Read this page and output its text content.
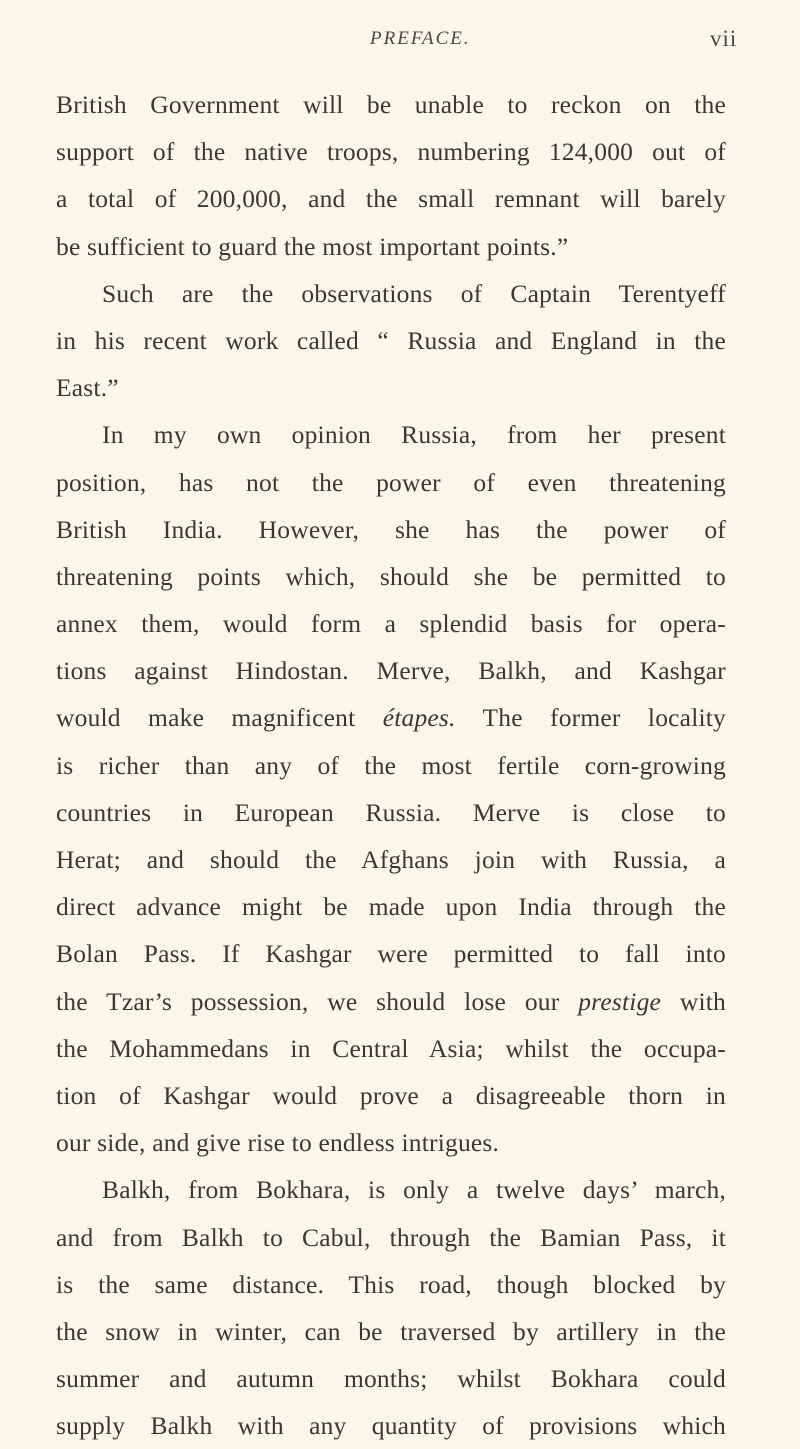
PREFACE.	vii
British Government will be unable to reckon on the
support of the native troops, numbering 124,000 out of
a total of 200,000, and the small remnant will barely
be sufficient to guard the most important points.”
Such are the observations of Captain Terentyeff
in his recent work called “ Russia and England in the
East.”
In my own opinion Russia, from her present
position, has not the power of even threatening
British India. However, she has the power of
threatening points which, should she be permitted to
annex them, would form a splendid basis for opera-
tions against Hindostan. Merve, Balkh, and Kashgar
would make magnificent étapes. The former locality
is richer than any of the most fertile corn-growing
countries in European Russia. Merve is close to
Herat; and should the Afghans join with Russia, a
direct advance might be made upon India through the
Bolan Pass. If Kashgar were permitted to fall into
the Tzar’s possession, we should lose our prestige with
the Mohammedans in Central Asia; whilst the occupa-
tion of Kashgar would prove a disagreeable thorn in
our side, and give rise to endless intrigues.
Balkh, from Bokhara, is only a twelve days’ march,
and from Balkh to Cabul, through the Bamian Pass, it
is the same distance. This road, though blocked by
the snow in winter, can be traversed by artillery in the
summer and autumn months; whilst Bokhara could
supply Balkh with any quantity of provisions which
